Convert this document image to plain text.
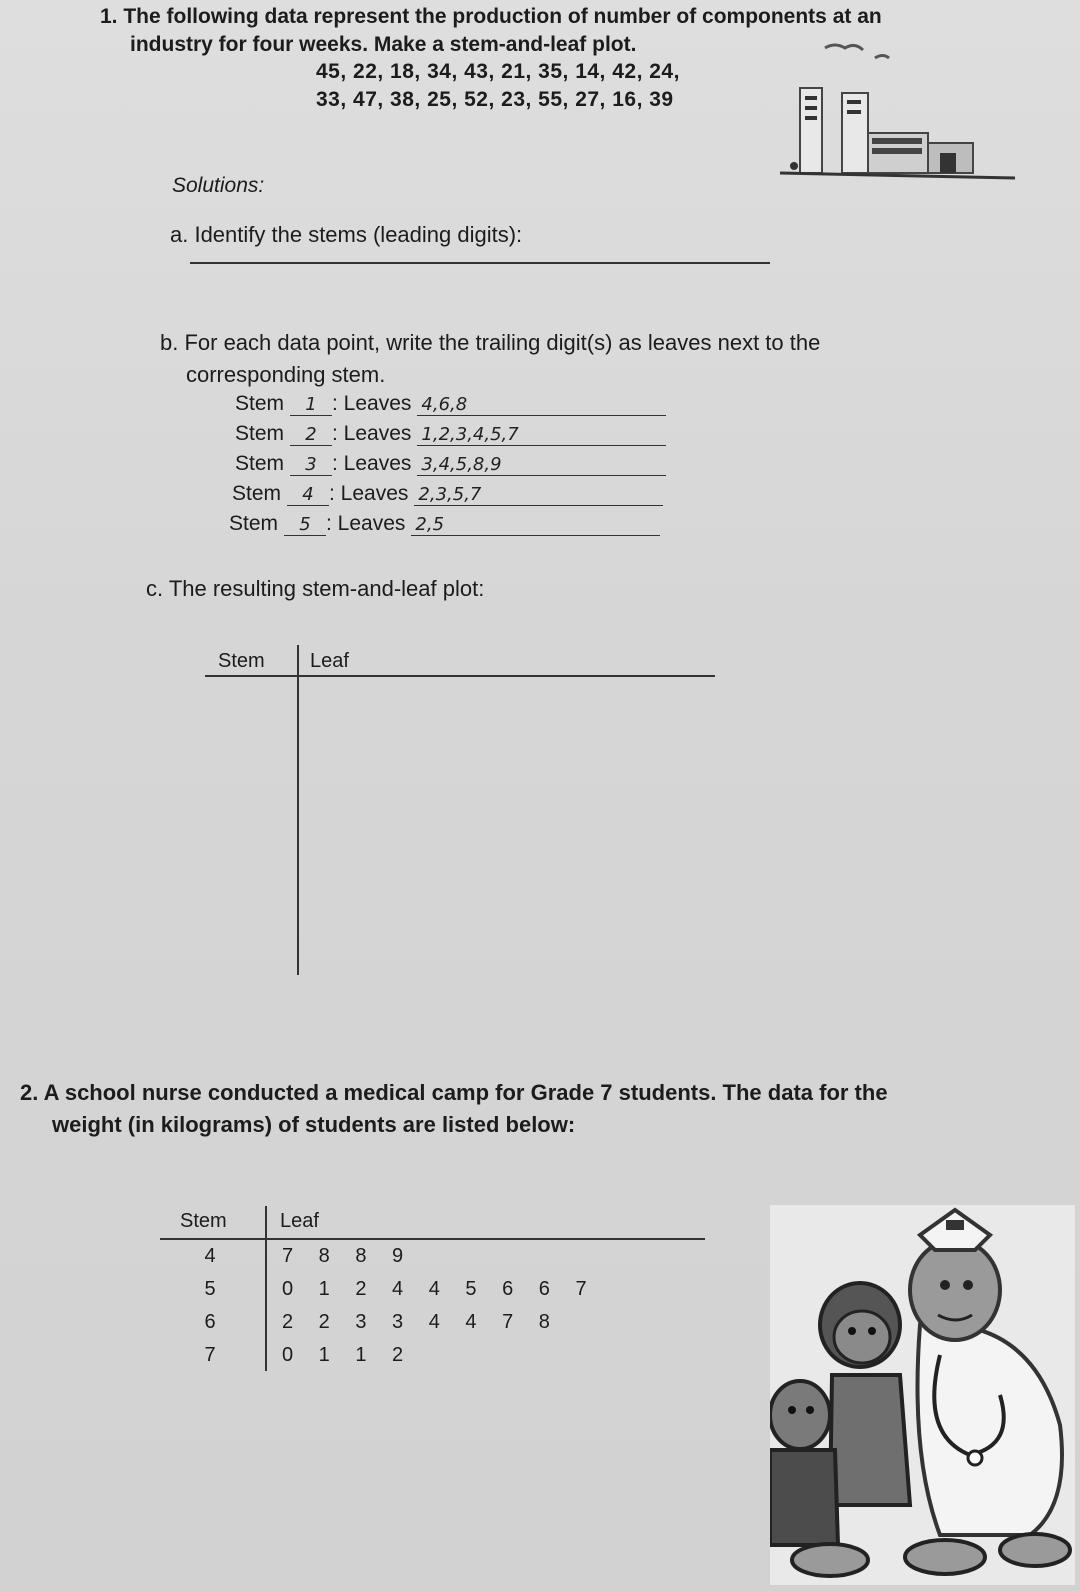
1. The following data represent the production of number of components at an
industry for four weeks. Make a stem-and-leaf plot.
45, 22, 18, 34, 43, 21, 35, 14, 42, 24,
33, 47, 38, 25, 52, 23, 55, 27, 16, 39
Solutions:
a. Identify the stems (leading digits):
b. For each data point, write the trailing digit(s) as leaves next to the
corresponding stem.
Stem	1 : Leaves 4,6,8
Stem	2 : Leaves 1,2,3,4,5,7
Stem	3 : Leaves 3,4,5,8,9
Stem	4 : Leaves 2,3,5,7
Stem	5 : Leaves 2,5
c. The resulting stem-and-leaf plot:
Stem Leaf
2. A school nurse conducted a medical camp for Grade 7 students. The data for the
weight (in kilograms) of students are listed below:
Stem	Leaf
4	7 8 8 9
5	0 1 2 4 4 5 6 6 7
6	2 2 3 3 4 4 7 8
7	0 1 1 2
